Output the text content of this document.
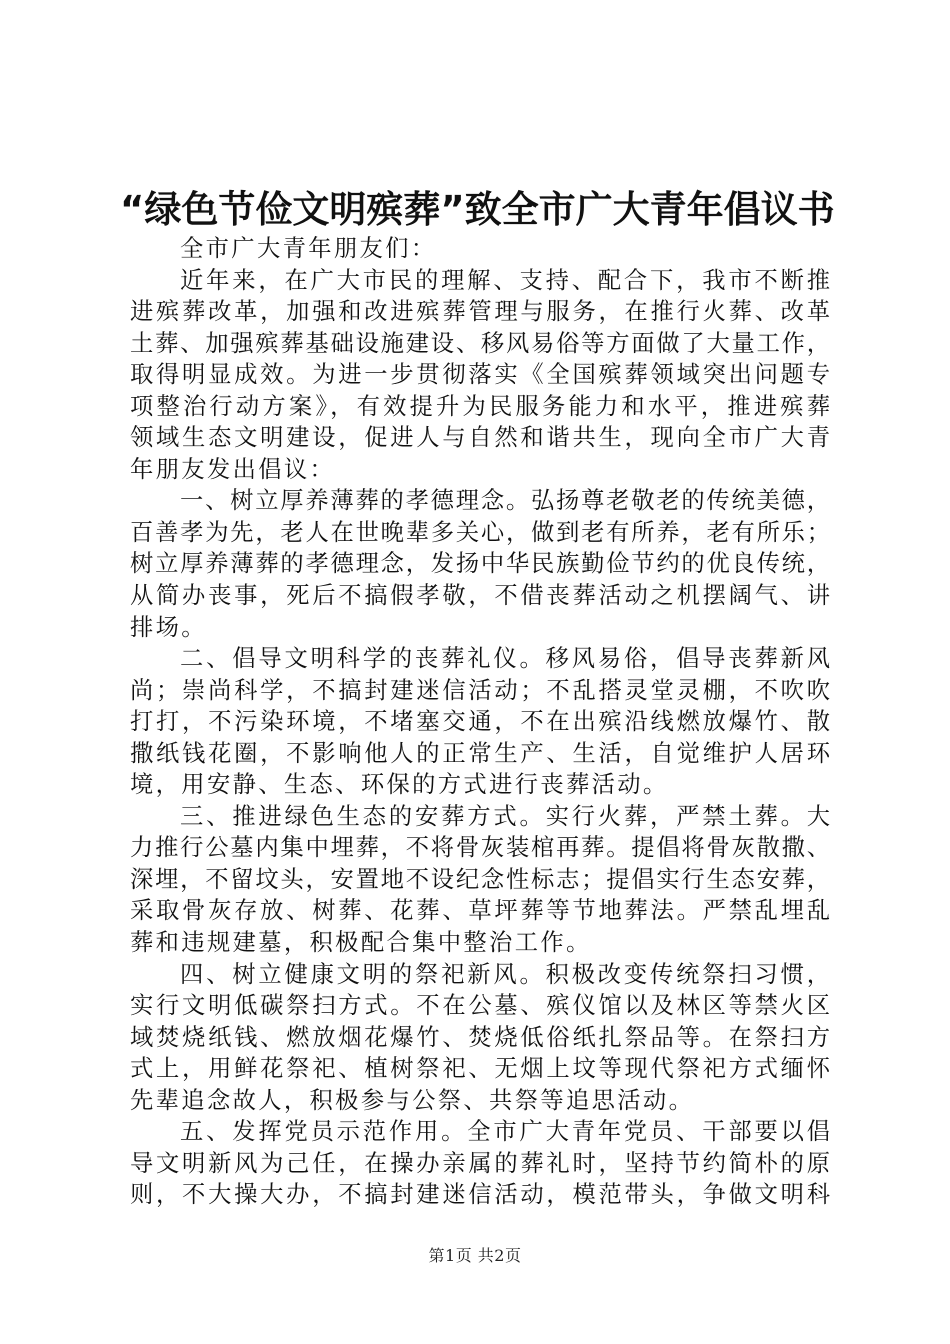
“绿色节俭文明殡葬”致全市广大青年倡议书
全市广大青年朋友们：
近年来，在广大市民的理解、支持、配合下，我市不断推
进殡葬改革，加强和改进殡葬管理与服务，在推行火葬、改革
土葬、加强殡葬基础设施建设、移风易俗等方面做了大量工作，
取得明显成效。为进一步贯彻落实《全国殡葬领域突出问题专
项整治行动方案》，有效提升为民服务能力和水平，推进殡葬
领域生态文明建设，促进人与自然和谐共生，现向全市广大青
年朋友发出倡议：
一、树立厚养薄葬的孝德理念。弘扬尊老敬老的传统美德，
百善孝为先，老人在世晚辈多关心，做到老有所养，老有所乐；
树立厚养薄葬的孝德理念，发扬中华民族勤俭节约的优良传统，
从简办丧事，死后不搞假孝敬，不借丧葬活动之机摆阔气、讲
排场。
二、倡导文明科学的丧葬礼仪。移风易俗，倡导丧葬新风
尚；崇尚科学，不搞封建迷信活动；不乱搭灵堂灵棚，不吹吹
打打，不污染环境，不堵塞交通，不在出殡沿线燃放爆竹、散
撒纸钱花圈，不影响他人的正常生产、生活，自觉维护人居环
境，用安静、生态、环保的方式进行丧葬活动。
三、推进绿色生态的安葬方式。实行火葬，严禁土葬。大
力推行公墓内集中埋葬，不将骨灰装棺再葬。提倡将骨灰散撒、
深埋，不留坟头，安置地不设纪念性标志；提倡实行生态安葬，
采取骨灰存放、树葬、花葬、草坪葬等节地葬法。严禁乱埋乱
葬和违规建墓，积极配合集中整治工作。
四、树立健康文明的祭祀新风。积极改变传统祭扫习惯，
实行文明低碳祭扫方式。不在公墓、殡仪馆以及林区等禁火区
域焚烧纸钱、燃放烟花爆竹、焚烧低俗纸扎祭品等。在祭扫方
式上，用鲜花祭祀、植树祭祀、无烟上坟等现代祭祀方式缅怀
先辈追念故人，积极参与公祭、共祭等追思活动。
五、发挥党员示范作用。全市广大青年党员、干部要以倡
导文明新风为己任，在操办亲属的葬礼时，坚持节约简朴的原
则，不大操大办，不搞封建迷信活动，模范带头，争做文明科
第1页 共2页
